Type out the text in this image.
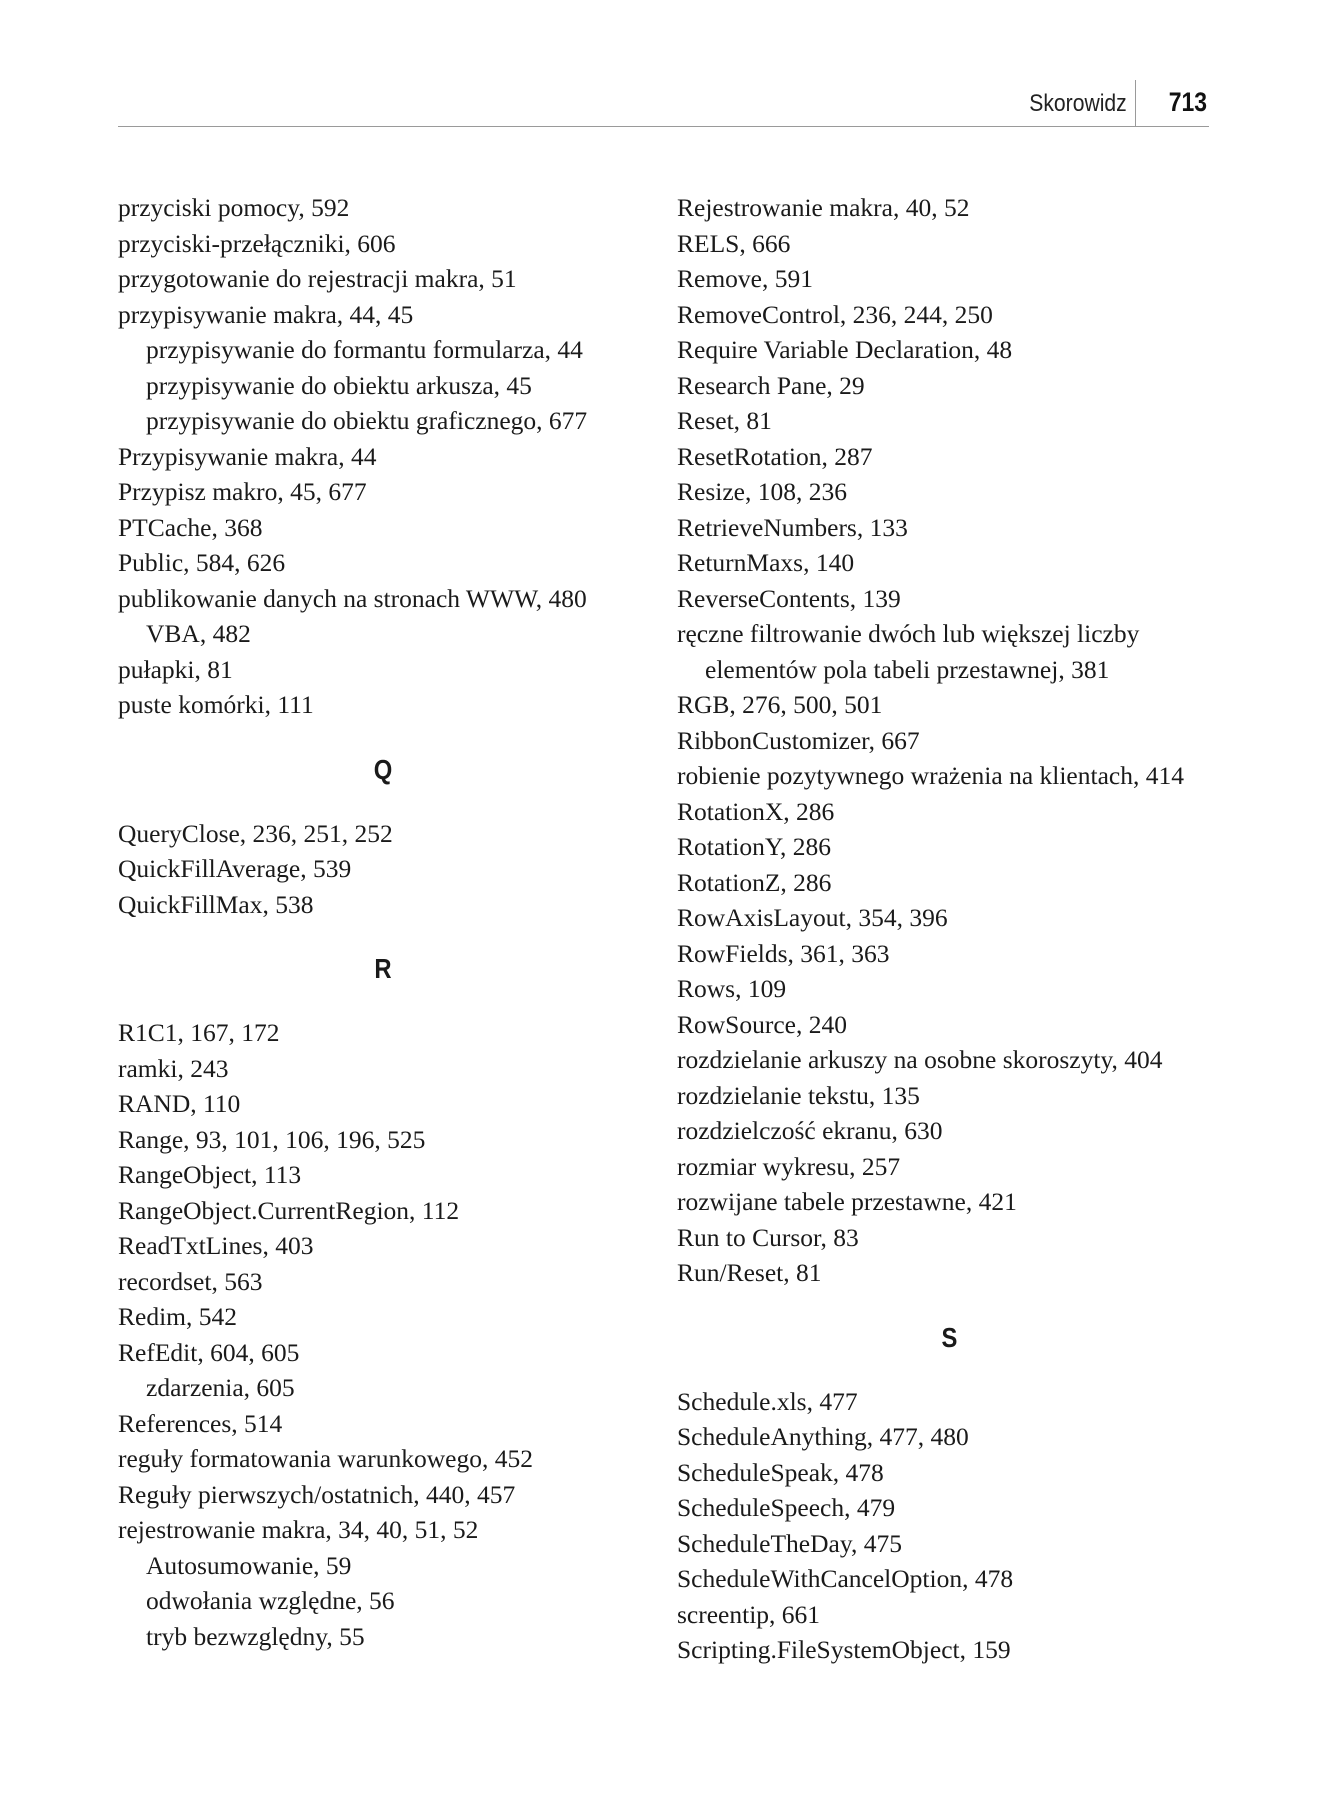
Skorowidz 713
przyciski pomocy, 592
przyciski-przełączniki, 606
przygotowanie do rejestracji makra, 51
przypisywanie makra, 44, 45
przypisywanie do formantu formularza, 44
przypisywanie do obiektu arkusza, 45
przypisywanie do obiektu graficznego, 677
Przypisywanie makra, 44
Przypisz makro, 45, 677
PTCache, 368
Public, 584, 626
publikowanie danych na stronach WWW, 480
VBA, 482
pułapki, 81
puste komórki, 111
Q
QueryClose, 236, 251, 252
QuickFillAverage, 539
QuickFillMax, 538
R
R1C1, 167, 172
ramki, 243
RAND, 110
Range, 93, 101, 106, 196, 525
RangeObject, 113
RangeObject.CurrentRegion, 112
ReadTxtLines, 403
recordset, 563
Redim, 542
RefEdit, 604, 605
zdarzenia, 605
References, 514
reguły formatowania warunkowego, 452
Reguły pierwszych/ostatnich, 440, 457
rejestrowanie makra, 34, 40, 51, 52
Autosumowanie, 59
odwołania względne, 56
tryb bezwzględny, 55
Rejestrowanie makra, 40, 52
RELS, 666
Remove, 591
RemoveControl, 236, 244, 250
Require Variable Declaration, 48
Research Pane, 29
Reset, 81
ResetRotation, 287
Resize, 108, 236
RetrieveNumbers, 133
ReturnMaxs, 140
ReverseContents, 139
ręczne filtrowanie dwóch lub większej liczby
elementów pola tabeli przestawnej, 381
RGB, 276, 500, 501
RibbonCustomizer, 667
robienie pozytywnego wrażenia na klientach, 414
RotationX, 286
RotationY, 286
RotationZ, 286
RowAxisLayout, 354, 396
RowFields, 361, 363
Rows, 109
RowSource, 240
rozdzielanie arkuszy na osobne skoroszyty, 404
rozdzielanie tekstu, 135
rozdzielczość ekranu, 630
rozmiar wykresu, 257
rozwijane tabele przestawne, 421
Run to Cursor, 83
Run/Reset, 81
S
Schedule.xls, 477
ScheduleAnything, 477, 480
ScheduleSpeak, 478
ScheduleSpeech, 479
ScheduleTheDay, 475
ScheduleWithCancelOption, 478
screentip, 661
Scripting.FileSystemObject, 159
